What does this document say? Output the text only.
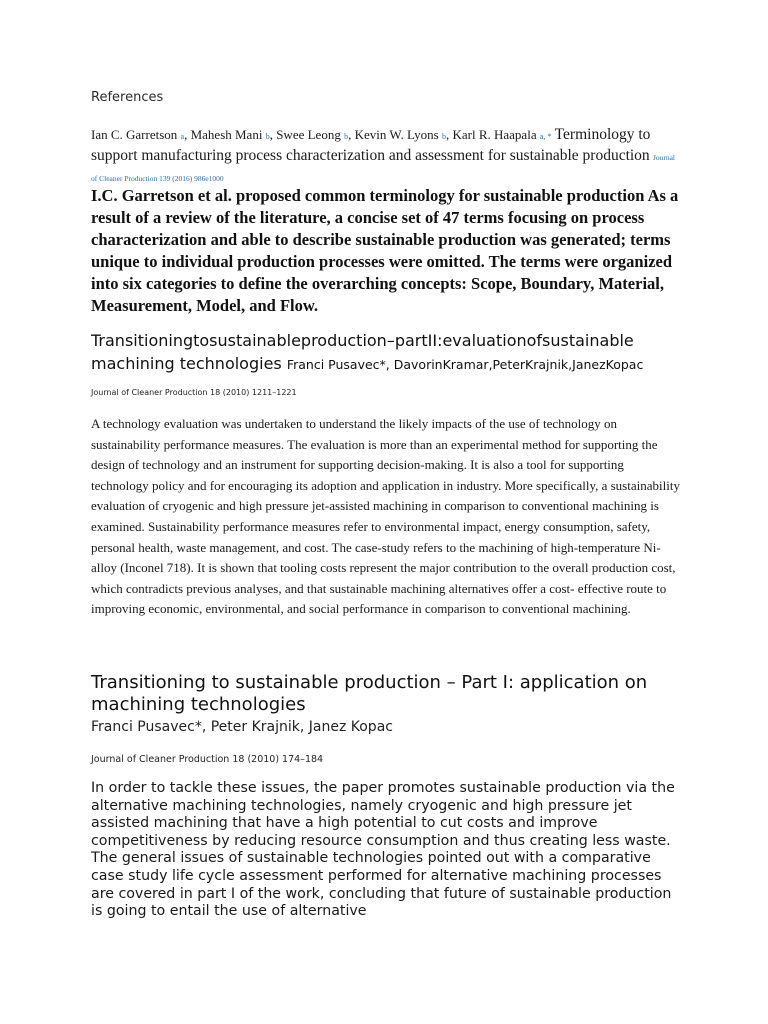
References
Ian C. Garretson a, Mahesh Mani b, Swee Leong b, Kevin W. Lyons b, Karl R. Haapala a, * Terminology to support manufacturing process characterization and assessment for sustainable production Journal of Cleaner Production 139 (2016) 986e1000

I.C. Garretson et al. proposed common terminology for sustainable production As a result of a review of the literature, a concise set of 47 terms focusing on process characterization and able to describe sustainable production was generated; terms unique to individual production processes were omitted. The terms were organized into six categories to define the overarching concepts: Scope, Boundary, Material, Measurement, Model, and Flow.

Transitioningtosustainableproduction–partII:evaluationofsustainable machining technologies Franci Pusavec*, DavorinKramar,PeterKrajnik,JanezKopac
Journal of Cleaner Production 18 (2010) 1211–1221

A technology evaluation was undertaken to understand the likely impacts of the use of technology on sustainability performance measures. The evaluation is more than an experimental method for supporting the design of technology and an instrument for supporting decision-making. It is also a tool for supporting technology policy and for encouraging its adoption and application in industry. More specifically, a sustainability evaluation of cryogenic and high pressure jet-assisted machining in comparison to conventional machining is examined. Sustainability performance measures refer to environmental impact, energy consumption, safety, personal health, waste management, and cost. The case-study refers to the machining of high-temperature Ni-alloy (Inconel 718). It is shown that tooling costs represent the major contribution to the overall production cost, which contradicts previous analyses, and that sustainable machining alternatives offer a cost- effective route to improving economic, environmental, and social performance in comparison to conventional machining.

Transitioning to sustainable production – Part I: application on machining technologies
Franci Pusavec*, Peter Krajnik, Janez Kopac
Journal of Cleaner Production 18 (2010) 174–184

In order to tackle these issues, the paper promotes sustainable production via the alternative machining technologies, namely cryogenic and high pressure jet assisted machining that have a high potential to cut costs and improve competitiveness by reducing resource consumption and thus creating less waste. The general issues of sustainable technologies pointed out with a comparative case study life cycle assessment performed for alternative machining processes are covered in part I of the work, concluding that future of sustainable production is going to entail the use of alternative
